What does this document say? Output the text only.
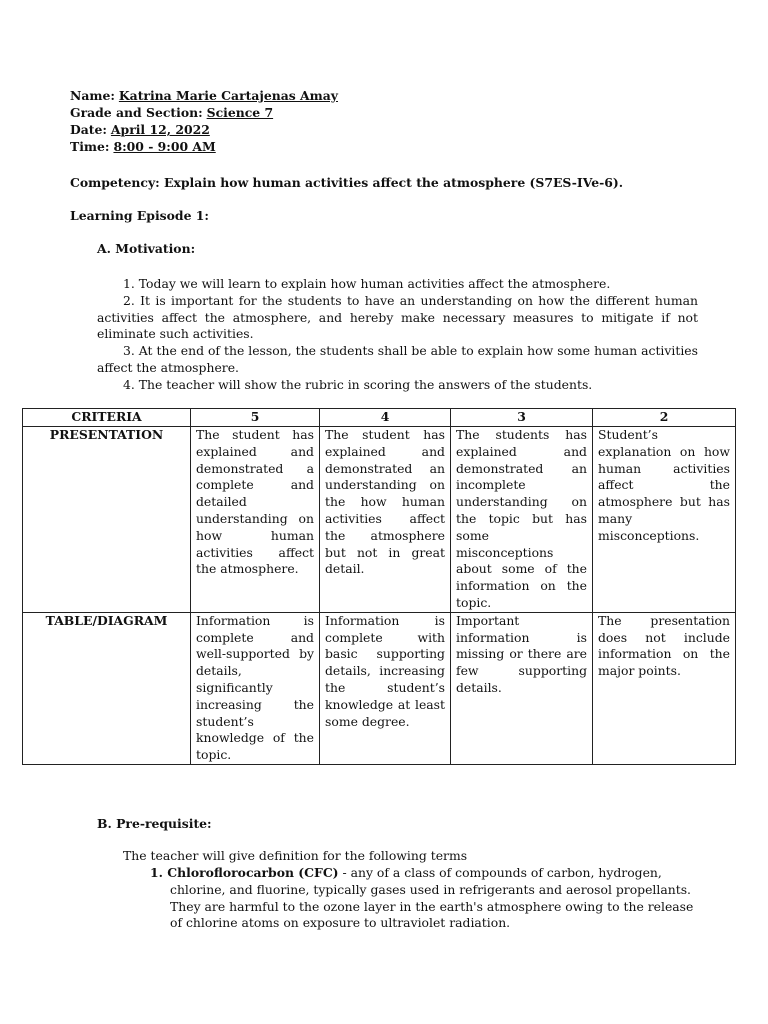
Name: Katrina Marie Cartajenas Amay
Grade and Section: Science 7
Date: April 12, 2022
Time: 8:00 - 9:00 AM
Competency: Explain how human activities affect the atmosphere (S7ES-IVe-6).
Learning Episode 1:
A. Motivation:

1. Today we will learn to explain how human activities affect the atmosphere.

2. It is important for the students to have an understanding on how the different human activities affect the atmosphere, and hereby make necessary measures to mitigate if not eliminate such activities.

3. At the end of the lesson, the students shall be able to explain how some human activities affect the atmosphere.

4. The teacher will show the rubric in scoring the answers of the students.

CRITERIA	5	4	3	2
PRESENTATION	The student has explained and demonstrated a complete and detailed understanding on how human activities affect the atmosphere.	The student has explained and demonstrated an understanding on the how human activities affect the atmosphere but not in great detail.	The students has explained and demonstrated an incomplete understanding on the topic but has some misconceptions about some of the information on the topic.	Student’s explanation on how human activities affect the atmosphere but has many misconceptions.
TABLE/DIAGRAM	Information is complete and well-supported by details, significantly increasing the student’s knowledge of the topic.	Information is complete with basic supporting details, increasing the student’s knowledge at least some degree.	Important information is missing or there are few supporting details.	The presentation does not include information on the major points.
B. Pre-requisite:
The teacher will give definition for the following terms
1. Chloroflorocarbon (CFC) - any of a class of compounds of carbon, hydrogen,
chlorine, and fluorine, typically gases used in refrigerants and aerosol propellants.
They are harmful to the ozone layer in the earth's atmosphere owing to the release
of chlorine atoms on exposure to ultraviolet radiation.
